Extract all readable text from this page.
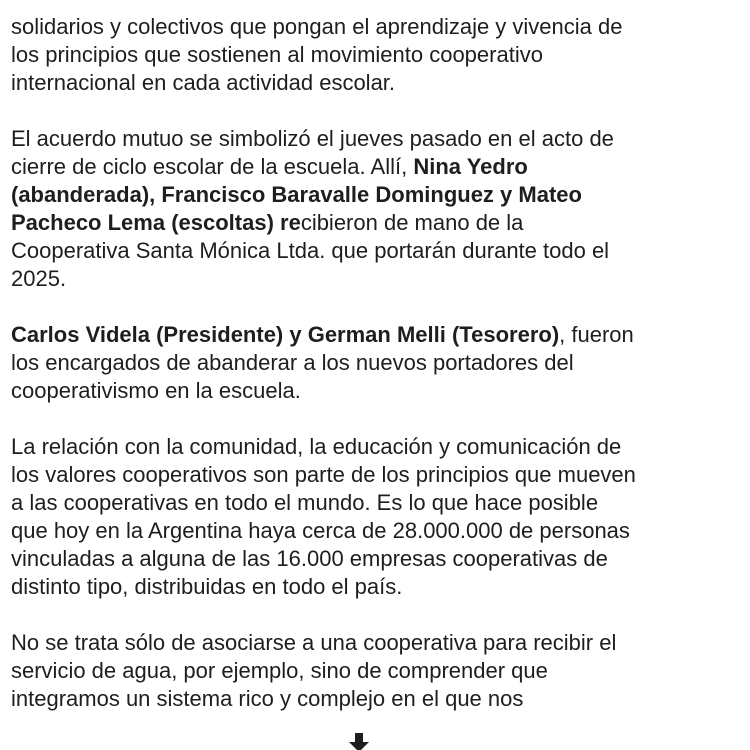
solidarios y colectivos que pongan el aprendizaje y vivencia de
los principios que sostienen al movimiento cooperativo
internacional en cada actividad escolar.

El acuerdo mutuo se simbolizó el jueves pasado en el acto de
cierre de ciclo escolar de la escuela. Allí, Nina Yedro
(abanderada), Francisco Baravalle Dominguez y Mateo
Pacheco Lema (escoltas) recibieron de mano de la
Cooperativa Santa Mónica Ltda. que portarán durante todo el
2025.

Carlos Videla (Presidente) y German Melli (Tesorero), fueron
los encargados de abanderar a los nuevos portadores del
cooperativismo en la escuela.

La relación con la comunidad, la educación y comunicación de
los valores cooperativos son parte de los principios que mueven
a las cooperativas en todo el mundo. Es lo que hace posible
que hoy en la Argentina haya cerca de 28.000.000 de personas
vinculadas a alguna de las 16.000 empresas cooperativas de
distinto tipo, distribuidas en todo el país.

No se trata sólo de asociarse a una cooperativa para recibir el
servicio de agua, por ejemplo, sino de comprender que
integramos un sistema rico y complejo en el que nos
